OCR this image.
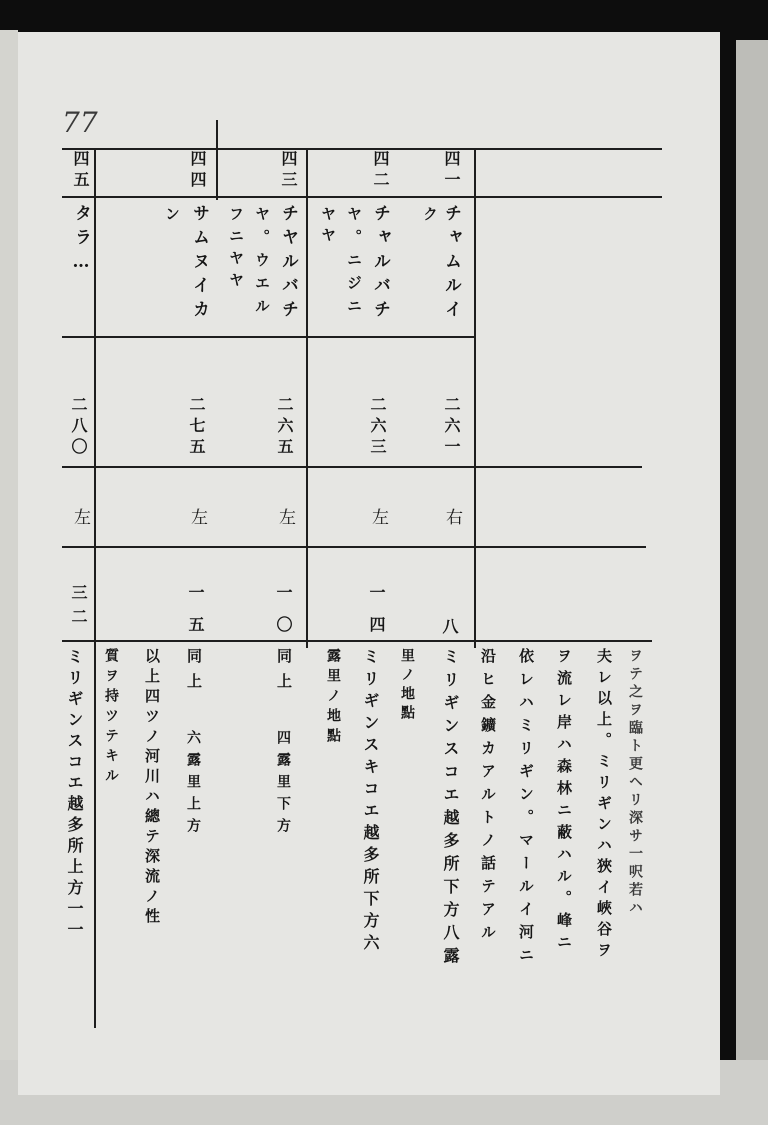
77
四一
ク チャムルイ
二六一
右
八
ミリギンスコエ越多所下方八露
里ノ地點
四二
チャルバチ
ヤ。ニジニ
ヤヤ
二六三
左
一四
ミリギンスキコエ越多所下方六
露里ノ地點
四三
チヤルバチ
ヤ。ウエル
フニヤヤ
二六五
左
一〇
同上
四露里下方
四四
ン サムヌイカ
二七五
左
一五
同上
六露里上方
四五
タラ…
二八〇
左
三二
ミリギンスコエ越多所上方一一	以上四ツノ河川ハ總テ深流ノ性
質ヲ持ツテキル	ヲテ之ヲ臨ト更ヘリ深サ一呎若ハ
夫レ以上。ミリギンハ狹イ峽谷ヲ
ヲ流レ岸ハ森林ニ蔽ハル。峰ニ
依レハミリギン。マールイ河ニ
沿ヒ金鑛カアルトノ話テアル
